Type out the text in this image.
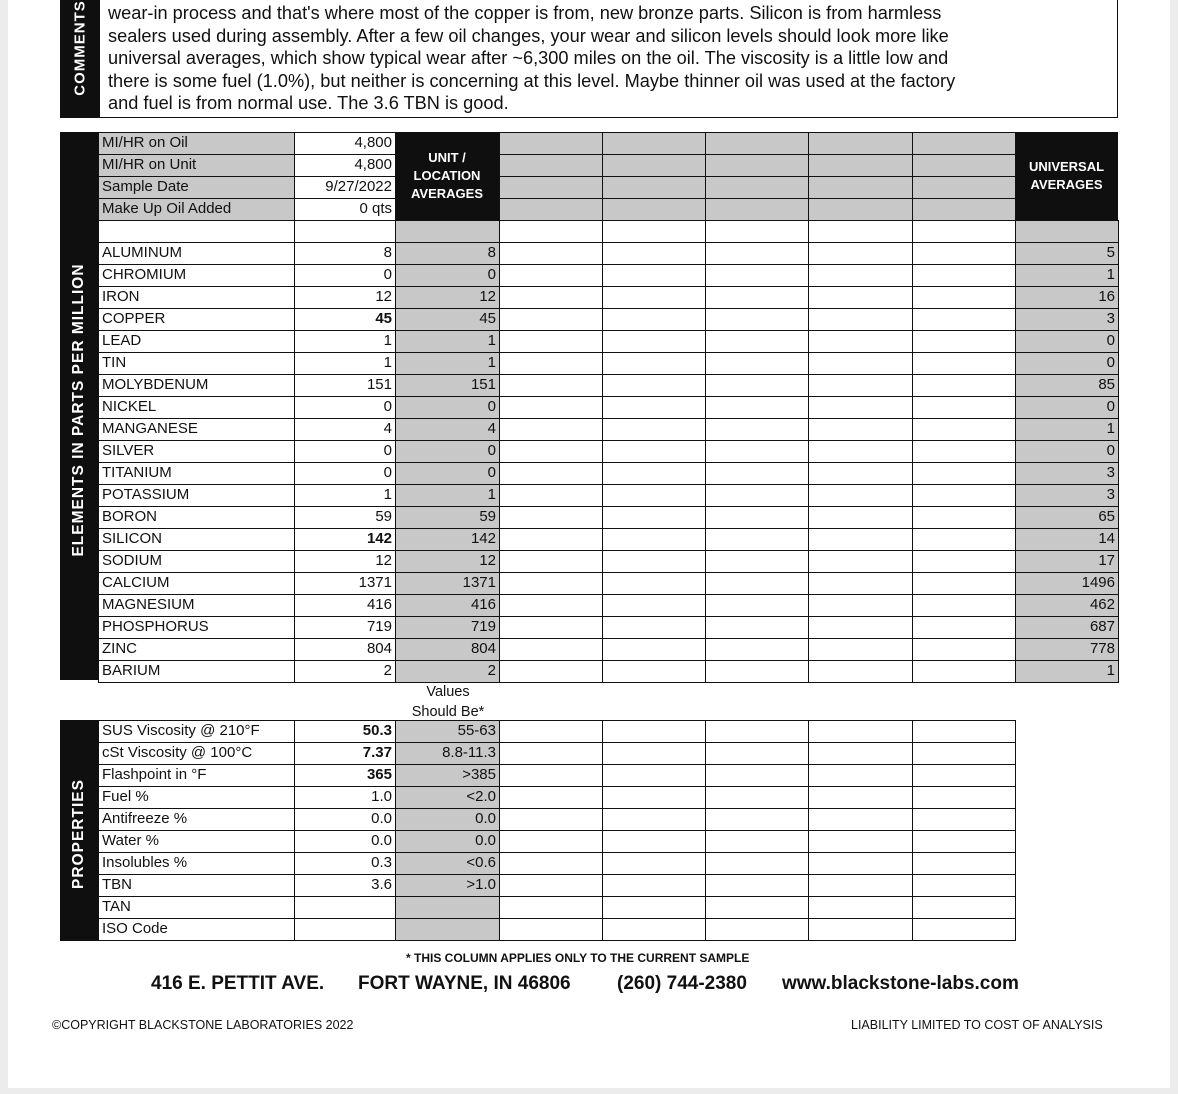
COMMENTS wear-in process and that's where most of the copper is from, new bronze parts. Silicon is from harmless
sealers used during assembly. After a few oil changes, your wear and silicon levels should look more like
universal averages, which show typical wear after ~6,300 miles on the oil. The viscosity is a little low and
there is some fuel (1.0%), but neither is concerning at this level. Maybe thinner oil was used at the factory
and fuel is from normal use. The 3.6 TBN is good.
ELEMENTS IN PARTS PER MILLION
PROPERTIES
UNIT /
LOCATION
AVERAGES
UNIVERSAL
AVERAGES
Values
Should Be*
MI/HR on Oil	4,800
MI/HR on Unit	4,800
Sample Date	9/27/2022
Make Up Oil Added	0 qts
ALUMINUM	8	8	5
CHROMIUM	0	0	1
IRON	12	12	16
COPPER	45	45	3
LEAD	1	1	0
TIN	1	1	0
MOLYBDENUM	151	151	85
NICKEL	0	0	0
MANGANESE	4	4	1
SILVER	0	0	0
TITANIUM	0	0	3
POTASSIUM	1	1	3
BORON	59	59	65
SILICON	142	142	14
SODIUM	12	12	17
CALCIUM	1371	1371	1496
MAGNESIUM	416	416	462
PHOSPHORUS	719	719	687
ZINC	804	804	778
BARIUM	2	2	1
SUS Viscosity @ 210°F	50.3	55-63
cSt Viscosity @ 100°C	7.37	8.8-11.3
Flashpoint in °F	365	>385
Fuel %	1.0	<2.0
Antifreeze %	0.0	0.0
Water %	0.0	0.0
Insolubles %	0.3	<0.6
TBN	3.6	>1.0
TAN
ISO Code
* THIS COLUMN APPLIES ONLY TO THE CURRENT SAMPLE
416 E. PETTIT AVE. FORT WAYNE, IN 46806 (260) 744-2380 www.blackstone-labs.com
©COPYRIGHT BLACKSTONE LABORATORIES 2022	LIABILITY LIMITED TO COST OF ANALYSIS
